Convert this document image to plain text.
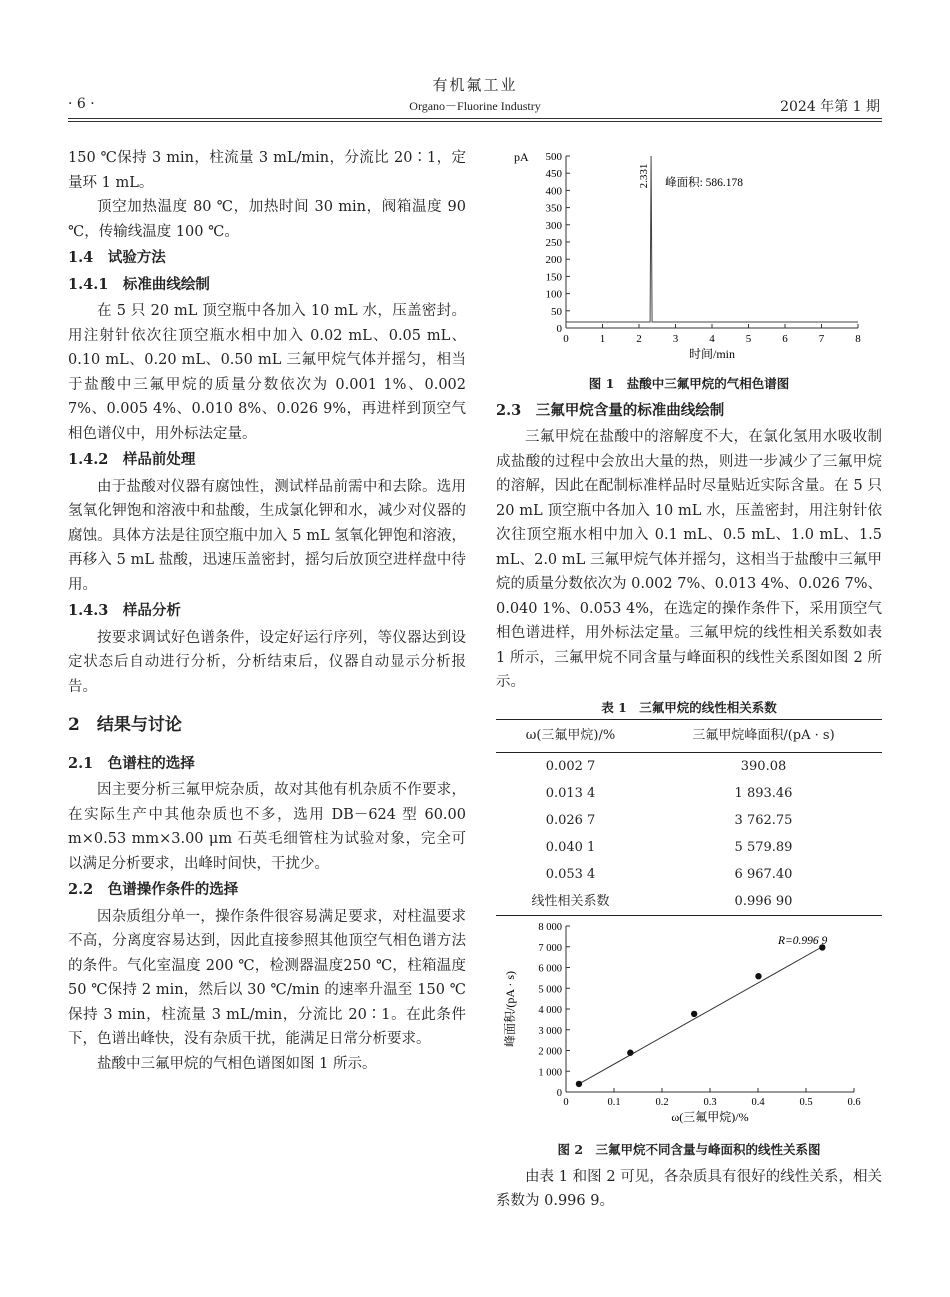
有机氟工业
Organo－Fluorine Industry
· 6 ·	2024 年第 1 期

150 ℃保持 3 min，柱流量 3 mL/min，分流比 20∶1，定量环 1 mL。

顶空加热温度 80 ℃，加热时间 30 min，阀箱温度 90 ℃，传输线温度 100 ℃。

1.4　试验方法

1.4.1　标准曲线绘制

在 5 只 20 mL 顶空瓶中各加入 10 mL 水，压盖密封。用注射针依次往顶空瓶水相中加入 0.02 mL、0.05 mL、0.10 mL、0.20 mL、0.50 mL 三氟甲烷气体并摇匀，相当于盐酸中三氟甲烷的质量分数依次为 0.001 1%、0.002 7%、0.005 4%、0.010 8%、0.026 9%，再进样到顶空气相色谱仪中，用外标法定量。

1.4.2　样品前处理

由于盐酸对仪器有腐蚀性，测试样品前需中和去除。选用氢氧化钾饱和溶液中和盐酸，生成氯化钾和水，减少对仪器的腐蚀。具体方法是往顶空瓶中加入 5 mL 氢氧化钾饱和溶液，再移入 5 mL 盐酸，迅速压盖密封，摇匀后放顶空进样盘中待用。

1.4.3　样品分析

按要求调试好色谱条件，设定好运行序列，等仪器达到设定状态后自动进行分析，分析结束后，仪器自动显示分析报告。

2　结果与讨论

2.1　色谱柱的选择

因主要分析三氟甲烷杂质，故对其他有机杂质不作要求，在实际生产中其他杂质也不多，选用 DB－624 型 60.00 m×0.53 mm×3.00 μm 石英毛细管柱为试验对象，完全可以满足分析要求，出峰时间快，干扰少。

2.2　色谱操作条件的选择

因杂质组分单一，操作条件很容易满足要求，对柱温要求不高，分离度容易达到，因此直接参照其他顶空气相色谱方法的条件。气化室温度 200 ℃，检测器温度250 ℃，柱箱温度 50 ℃保持 2 min，然后以 30 ℃/min 的速率升温至 150 ℃保持 3 min，柱流量 3 mL/min，分流比 20∶1。在此条件下，色谱出峰快，没有杂质干扰，能满足日常分析要求。

盐酸中三氟甲烷的气相色谱图如图 1 所示。

pA
0
50
100
150
200
250
300
350
400
450
500
0	1	2	3	4	5	6	7	8
时间/min
2.331 峰面积: 586.178

图 1　盐酸中三氟甲烷的气相色谱图

2.3　三氟甲烷含量的标准曲线绘制

三氟甲烷在盐酸中的溶解度不大，在氯化氢用水吸收制成盐酸的过程中会放出大量的热，则进一步减少了三氟甲烷的溶解，因此在配制标准样品时尽量贴近实际含量。在 5 只 20 mL 顶空瓶中各加入 10 mL 水，压盖密封，用注射针依次往顶空瓶水相中加入 0.1 mL、0.5 mL、1.0 mL、1.5 mL、2.0 mL 三氟甲烷气体并摇匀，这相当于盐酸中三氟甲烷的质量分数依次为 0.002 7%、0.013 4%、0.026 7%、0.040 1%、0.053 4%，在选定的操作条件下，采用顶空气相色谱进样，用外标法定量。三氟甲烷的线性相关系数如表 1 所示，三氟甲烷不同含量与峰面积的线性关系图如图 2 所示。

表 1　三氟甲烷的线性相关系数

ω(三氟甲烷)/%	三氟甲烷峰面积/(pA · s)
0.002 7	390.08
0.013 4	1 893.46
0.026 7	3 762.75
0.040 1	5 579.89
0.053 4	6 967.40
线性相关系数	0.996 90
0
1 000
2 000
3 000
4 000
5 000
6 000
7 000
8 000
0	0.1	0.2	0.3	0.4	0.5	0.6
ω(三氟甲烷)/%
峰面积/(pA · s)
R=0.996 9

图 2　三氟甲烷不同含量与峰面积的线性关系图

由表 1 和图 2 可见，各杂质具有很好的线性关系，相关系数为 0.996 9。
